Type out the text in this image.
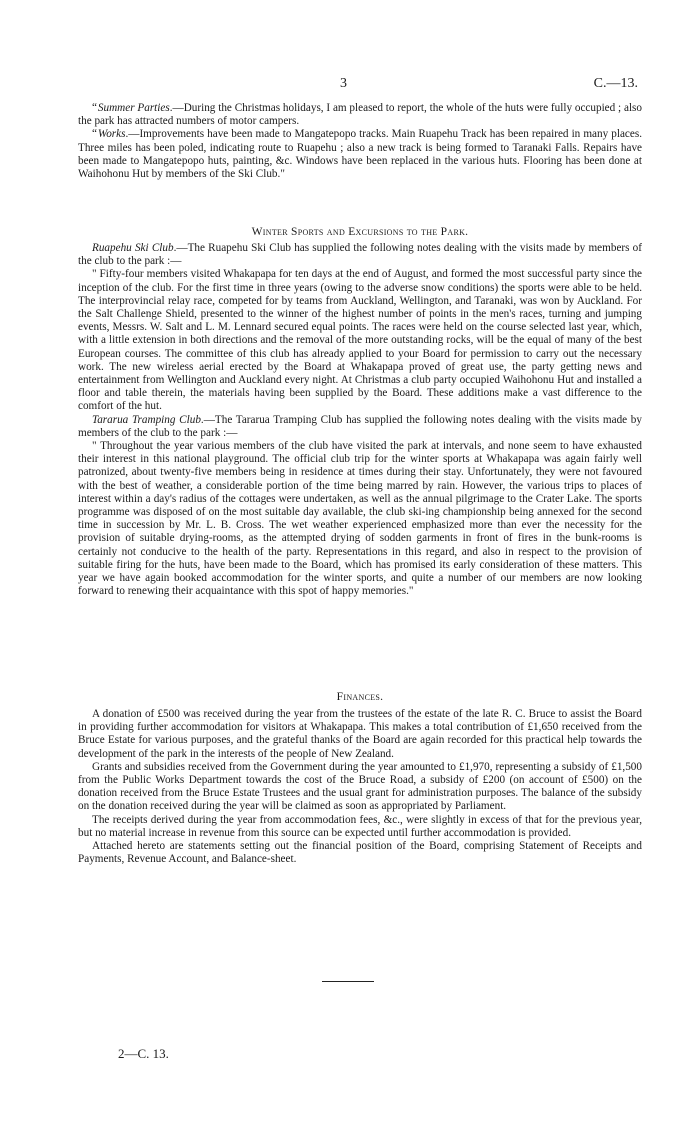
3	C.—13.

“ Summer Parties.—During the Christmas holidays, I am pleased to report, the whole of the huts were fully occupied ; also the park has attracted numbers of motor campers.

“ Works.—Improvements have been made to Mangatepopo tracks. Main Ruapehu Track has been repaired in many places. Three miles has been poled, indicating route to Ruapehu ; also a new track is being formed to Taranaki Falls. Repairs have been made to Mangatepopo huts, painting, &c. Windows have been replaced in the various huts. Flooring has been done at Waihohonu Hut by members of the Ski Club."

Winter Sports and Excursions to the Park.

Ruapehu Ski Club.—The Ruapehu Ski Club has supplied the following notes dealing with the visits made by members of the club to the park :—

" Fifty-four members visited Whakapapa for ten days at the end of August, and formed the most successful party since the inception of the club. For the first time in three years (owing to the adverse snow conditions) the sports were able to be held. The interprovincial relay race, competed for by teams from Auckland, Wellington, and Taranaki, was won by Auckland. For the Salt Challenge Shield, presented to the winner of the highest number of points in the men's races, turning and jumping events, Messrs. W. Salt and L. M. Lennard secured equal points. The races were held on the course selected last year, which, with a little extension in both directions and the removal of the more outstanding rocks, will be the equal of many of the best European courses. The committee of this club has already applied to your Board for permission to carry out the necessary work. The new wireless aerial erected by the Board at Whakapapa proved of great use, the party getting news and entertainment from Wellington and Auckland every night. At Christmas a club party occupied Waihohonu Hut and installed a floor and table therein, the materials having been supplied by the Board. These additions make a vast difference to the comfort of the hut.

Tararua Tramping Club.—The Tararua Tramping Club has supplied the following notes dealing with the visits made by members of the club to the park :—

" Throughout the year various members of the club have visited the park at intervals, and none seem to have exhausted their interest in this national playground. The official club trip for the winter sports at Whakapapa was again fairly well patronized, about twenty-five members being in residence at times during their stay. Unfortunately, they were not favoured with the best of weather, a considerable portion of the time being marred by rain. However, the various trips to places of interest within a day's radius of the cottages were undertaken, as well as the annual pilgrimage to the Crater Lake. The sports programme was disposed of on the most suitable day available, the club ski-ing championship being annexed for the second time in succession by Mr. L. B. Cross. The wet weather experienced emphasized more than ever the necessity for the provision of suitable drying-rooms, as the attempted drying of sodden garments in front of fires in the bunk-rooms is certainly not conducive to the health of the party. Representations in this regard, and also in respect to the provision of suitable firing for the huts, have been made to the Board, which has promised its early consideration of these matters. This year we have again booked accommodation for the winter sports, and quite a number of our members are now looking forward to renewing their acquaintance with this spot of happy memories."

Finances.

A donation of £500 was received during the year from the trustees of the estate of the late R. C. Bruce to assist the Board in providing further accommodation for visitors at Whakapapa. This makes a total contribution of £1,650 received from the Bruce Estate for various purposes, and the grateful thanks of the Board are again recorded for this practical help towards the development of the park in the interests of the people of New Zealand.

Grants and subsidies received from the Government during the year amounted to £1,970, representing a subsidy of £1,500 from the Public Works Department towards the cost of the Bruce Road, a subsidy of £200 (on account of £500) on the donation received from the Bruce Estate Trustees and the usual grant for administration purposes. The balance of the subsidy on the donation received during the year will be claimed as soon as appropriated by Parliament.

The receipts derived during the year from accommodation fees, &c., were slightly in excess of that for the previous year, but no material increase in revenue from this source can be expected until further accommodation is provided.

Attached hereto are statements setting out the financial position of the Board, comprising Statement of Receipts and Payments, Revenue Account, and Balance-sheet.

2—C. 13.
